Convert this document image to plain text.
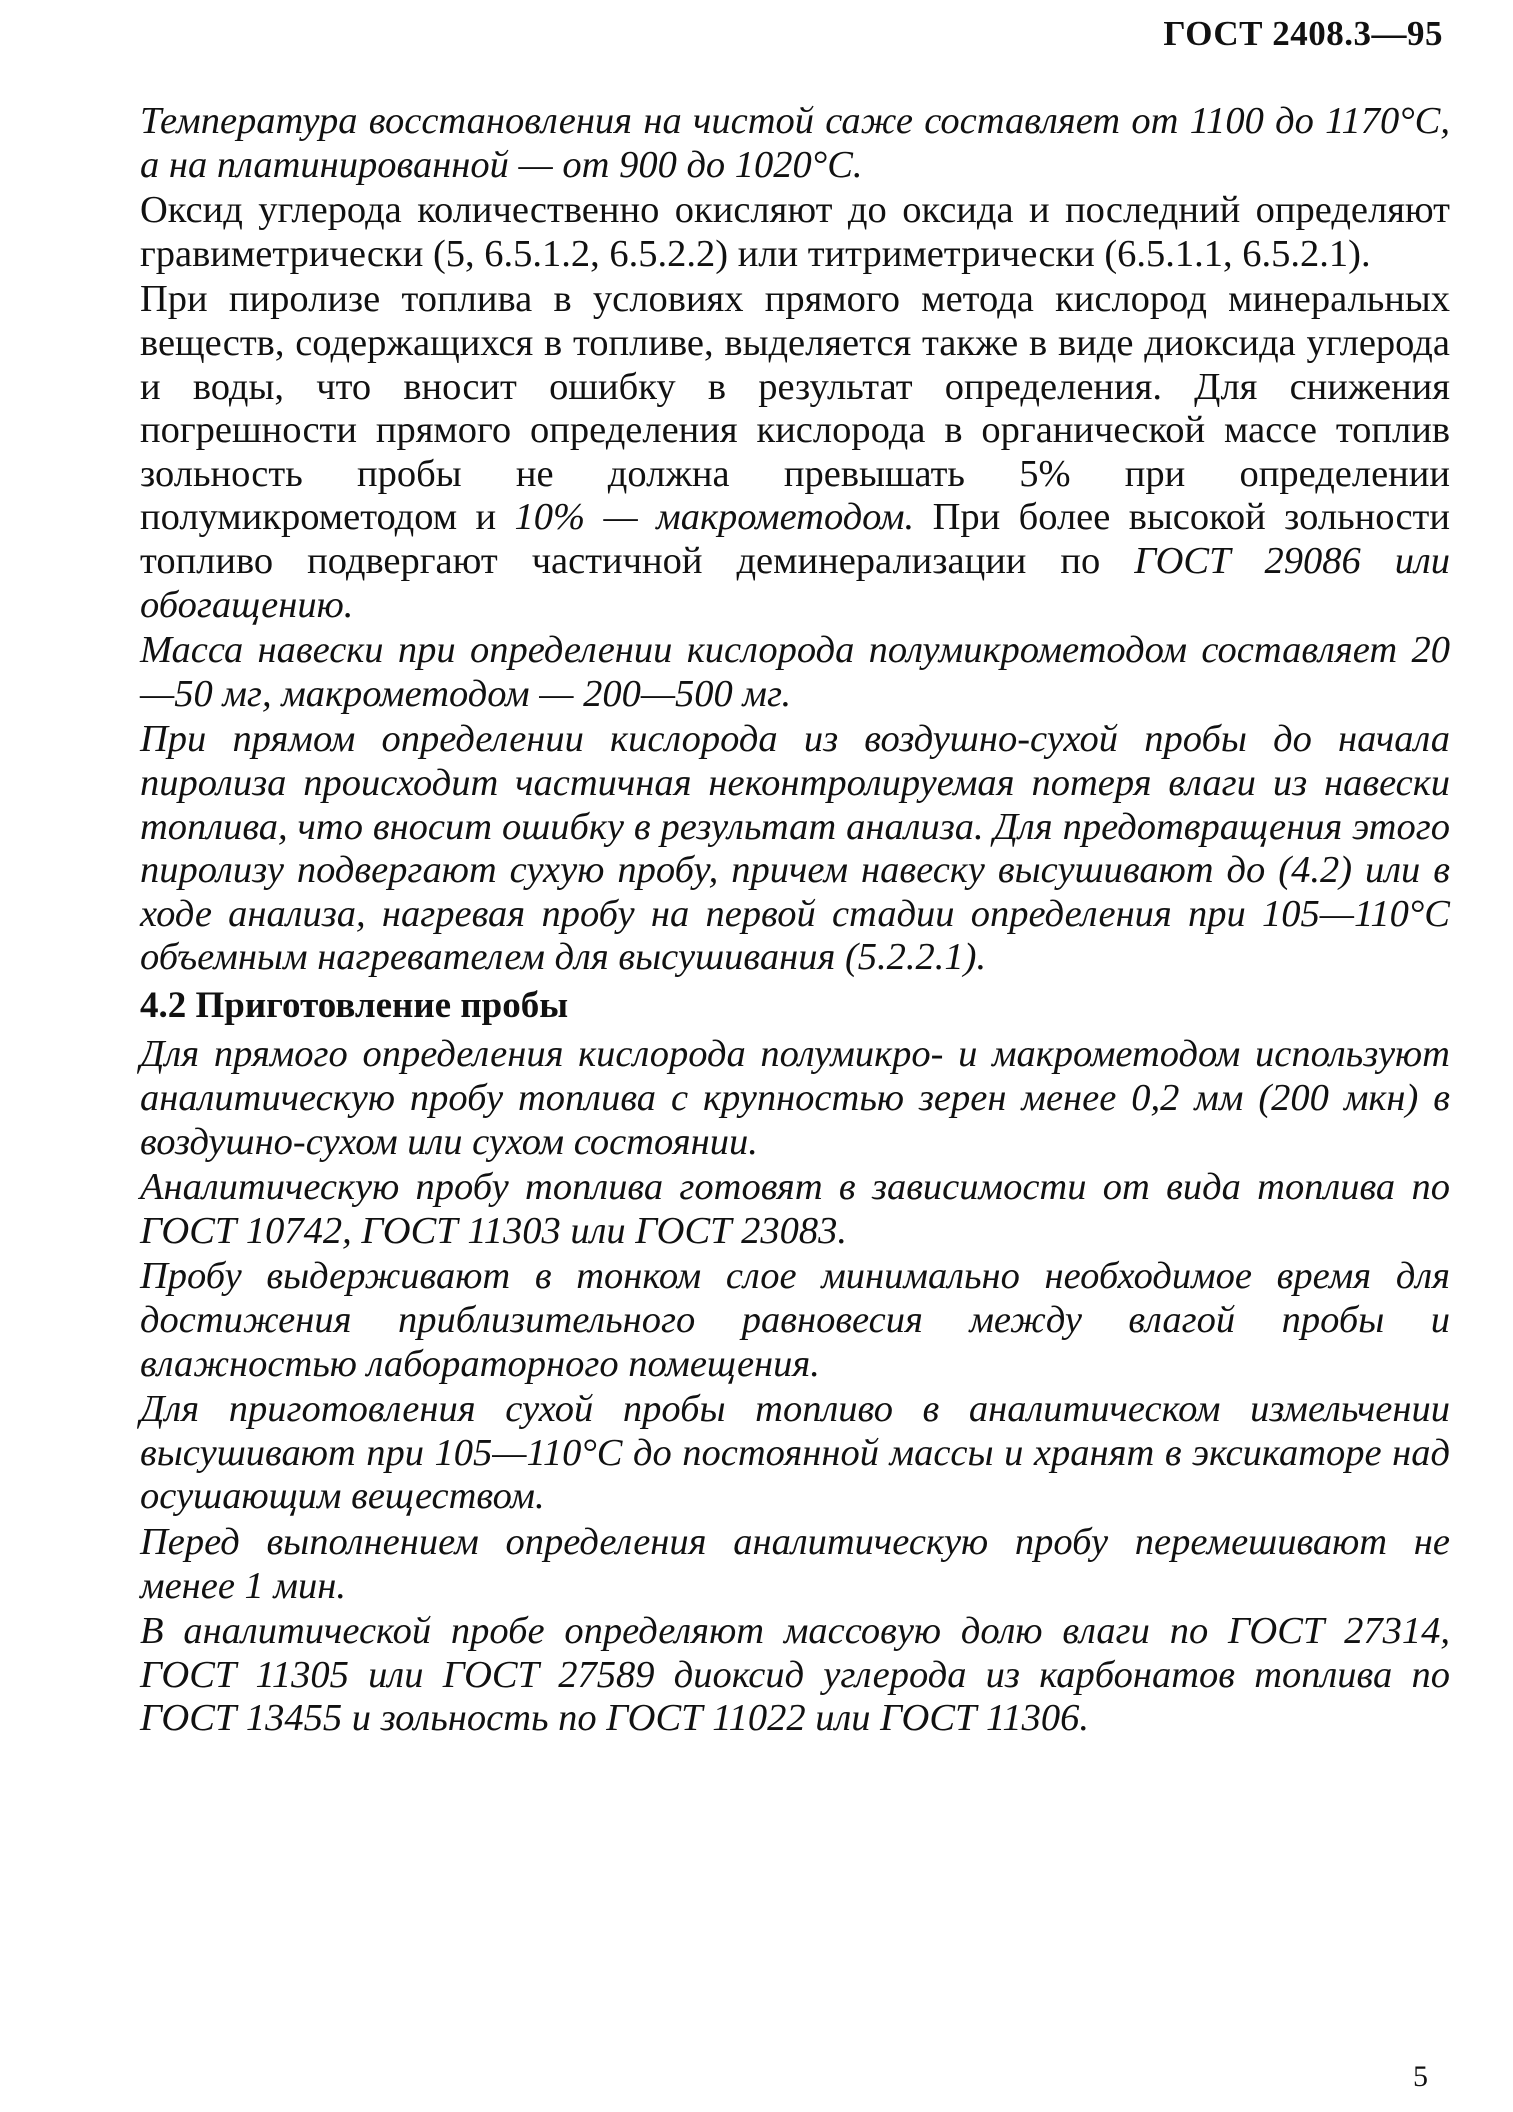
ГОСТ 2408.3—95

Температура восстановления на чистой саже составляет от 1100 до 1170°С, а на платинированной — от 900 до 1020°С.

Оксид углерода количественно окисляют до оксида и последний определяют гравиметрически (5, 6.5.1.2, 6.5.2.2) или титриметрически (6.5.1.1, 6.5.2.1).

При пиролизе топлива в условиях прямого метода кислород минеральных веществ, содержащихся в топливе, выделяется также в виде диоксида углерода и воды, что вносит ошибку в результат определения. Для снижения погрешности прямого определения кислорода в органической массе топлив зольность пробы не должна превышать 5% при определении полумикрометодом и 10% — макрометодом. При более высокой зольности топливо подвергают частичной деминерализации по ГОСТ 29086 или обогащению.

Масса навески при определении кислорода полумикрометодом составляет 20—50 мг, макрометодом — 200—500 мг.

При прямом определении кислорода из воздушно-сухой пробы до начала пиролиза происходит частичная неконтролируемая потеря влаги из навески топлива, что вносит ошибку в результат анализа. Для предотвращения этого пиролизу подвергают сухую пробу, причем навеску высушивают до (4.2) или в ходе анализа, нагревая пробу на первой стадии определения при 105—110°С объемным нагревателем для высушивания (5.2.2.1).

4.2 Приготовление пробы

Для прямого определения кислорода полумикро- и макрометодом используют аналитическую пробу топлива с крупностью зерен менее 0,2 мм (200 мкн) в воздушно-сухом или сухом состоянии.

Аналитическую пробу топлива готовят в зависимости от вида топлива по ГОСТ 10742, ГОСТ 11303 или ГОСТ 23083.

Пробу выдерживают в тонком слое минимально необходимое время для достижения приблизительного равновесия между влагой пробы и влажностью лабораторного помещения.

Для приготовления сухой пробы топливо в аналитическом измельчении высушивают при 105—110°С до постоянной массы и хранят в эксикаторе над осушающим веществом.

Перед выполнением определения аналитическую пробу перемешивают не менее 1 мин.

В аналитической пробе определяют массовую долю влаги по ГОСТ 27314, ГОСТ 11305 или ГОСТ 27589 диоксид углерода из карбонатов топлива по ГОСТ 13455 и зольность по ГОСТ 11022 или ГОСТ 11306.

5
